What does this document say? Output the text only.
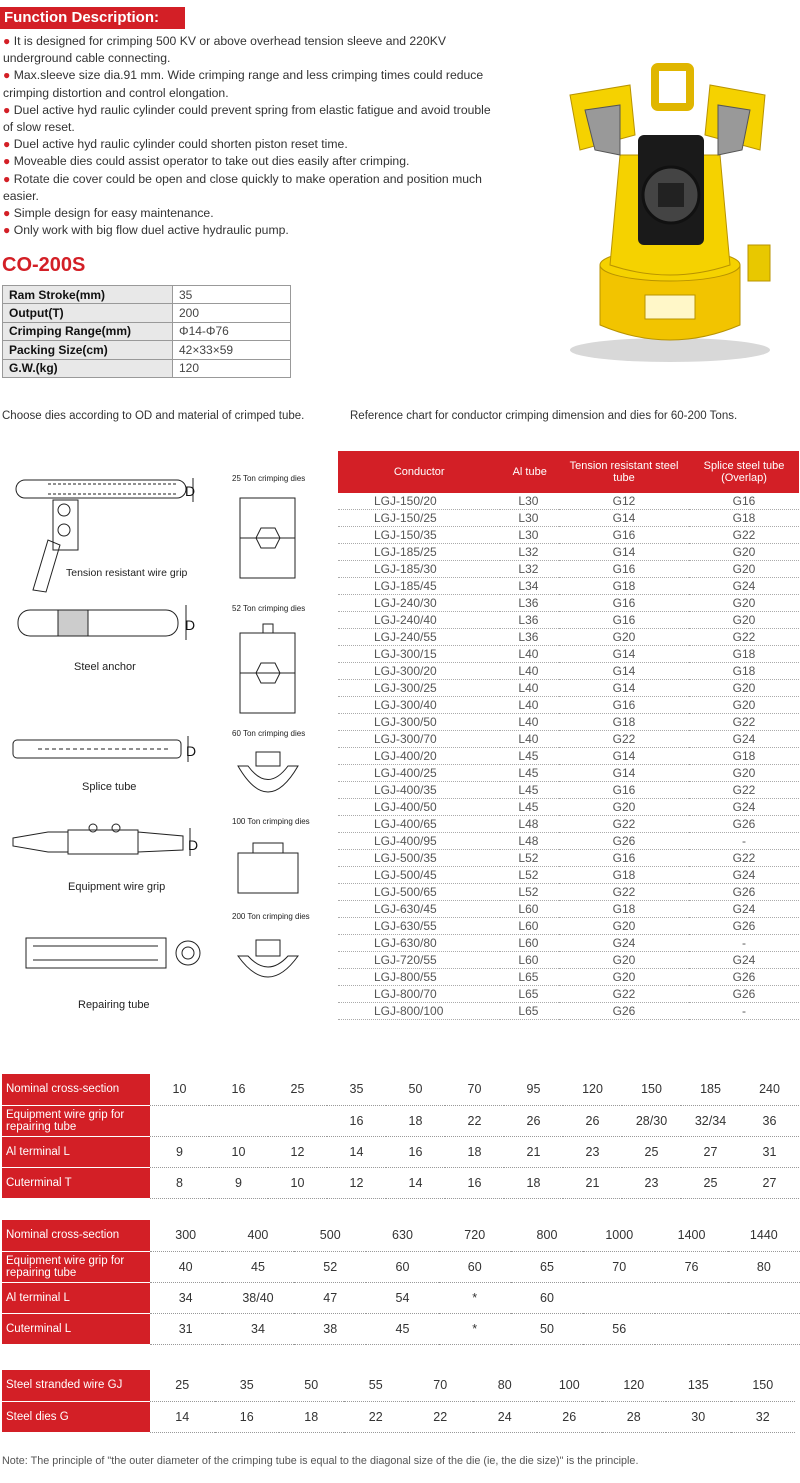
Function Description:
● It is designed for crimping 500 KV or above overhead tension sleeve and 220KV underground cable connecting.
● Max.sleeve size dia.91 mm. Wide crimping range and less crimping times could reduce crimping distortion and control elongation.
● Duel active hyd raulic cylinder could prevent spring from elastic fatigue and avoid trouble of slow reset.
● Duel active hyd raulic cylinder could shorten piston reset time.
● Moveable dies could assist operator to take out dies easily after crimping.
● Rotate die cover could be open and close quickly to make operation and position much easier.
● Simple design for easy maintenance.
● Only work with big flow duel active hydraulic pump.
CO-200S
Ram Stroke(mm)	35
Output(T)	200
Crimping Range(mm)	Φ14-Φ76
Packing Size(cm)	42×33×59
G.W.(kg)	120
Choose dies according to OD and material of crimped tube.	Reference chart for conductor crimping dimension and dies for 60-200 Tons.
D
D
D
D
Tension resistant wire grip
Steel anchor
Splice tube
Equipment wire grip
Repairing tube
25 Ton crimping dies
52 Ton crimping dies
60 Ton crimping dies
100 Ton crimping dies
200 Ton crimping dies
Conductor	Al tube	Tension resistant steel tube	Splice steel tube (Overlap)
LGJ-150/20	L30	G12	G16
LGJ-150/25	L30	G14	G18
LGJ-150/35	L30	G16	G22
LGJ-185/25	L32	G14	G20
LGJ-185/30	L32	G16	G20
LGJ-185/45	L34	G18	G24
LGJ-240/30	L36	G16	G20
LGJ-240/40	L36	G16	G20
LGJ-240/55	L36	G20	G22
LGJ-300/15	L40	G14	G18
LGJ-300/20	L40	G14	G18
LGJ-300/25	L40	G14	G20
LGJ-300/40	L40	G16	G20
LGJ-300/50	L40	G18	G22
LGJ-300/70	L40	G22	G24
LGJ-400/20	L45	G14	G18
LGJ-400/25	L45	G14	G20
LGJ-400/35	L45	G16	G22
LGJ-400/50	L45	G20	G24
LGJ-400/65	L48	G22	G26
LGJ-400/95	L48	G26	-
LGJ-500/35	L52	G16	G22
LGJ-500/45	L52	G18	G24
LGJ-500/65	L52	G22	G26
LGJ-630/45	L60	G18	G24
LGJ-630/55	L60	G20	G26
LGJ-630/80	L60	G24	-
LGJ-720/55	L60	G20	G24
LGJ-800/55	L65	G20	G26
LGJ-800/70	L65	G22	G26
LGJ-800/100	L65	G26	-
Nominal cross-section	10	16	25	35	50	70	95	120	150	185	240
Equipment wire grip for repairing tube				16	18	22	26	26	28/30	32/34	36
Al terminal L	9	10	12	14	16	18	21	23	25	27	31
Cuterminal T	8	9	10	12	14	16	18	21	23	25	27
Nominal cross-section	300	400	500	630	720	800	1000	1400	1440
Equipment wire grip for repairing tube	40	45	52	60	60	65	70	76	80
Al terminal L	34	38/40	47	54	*	60			
Cuterminal L	31	34	38	45	*	50	56		
Steel stranded wire GJ	25	35	50	55	70	80	100	120	135	150
Steel dies G	14	16	18	22	22	24	26	28	30	32
Note: The principle of "the outer diameter of the crimping tube is equal to the diagonal size of the die (ie, the die size)" is the principle.
